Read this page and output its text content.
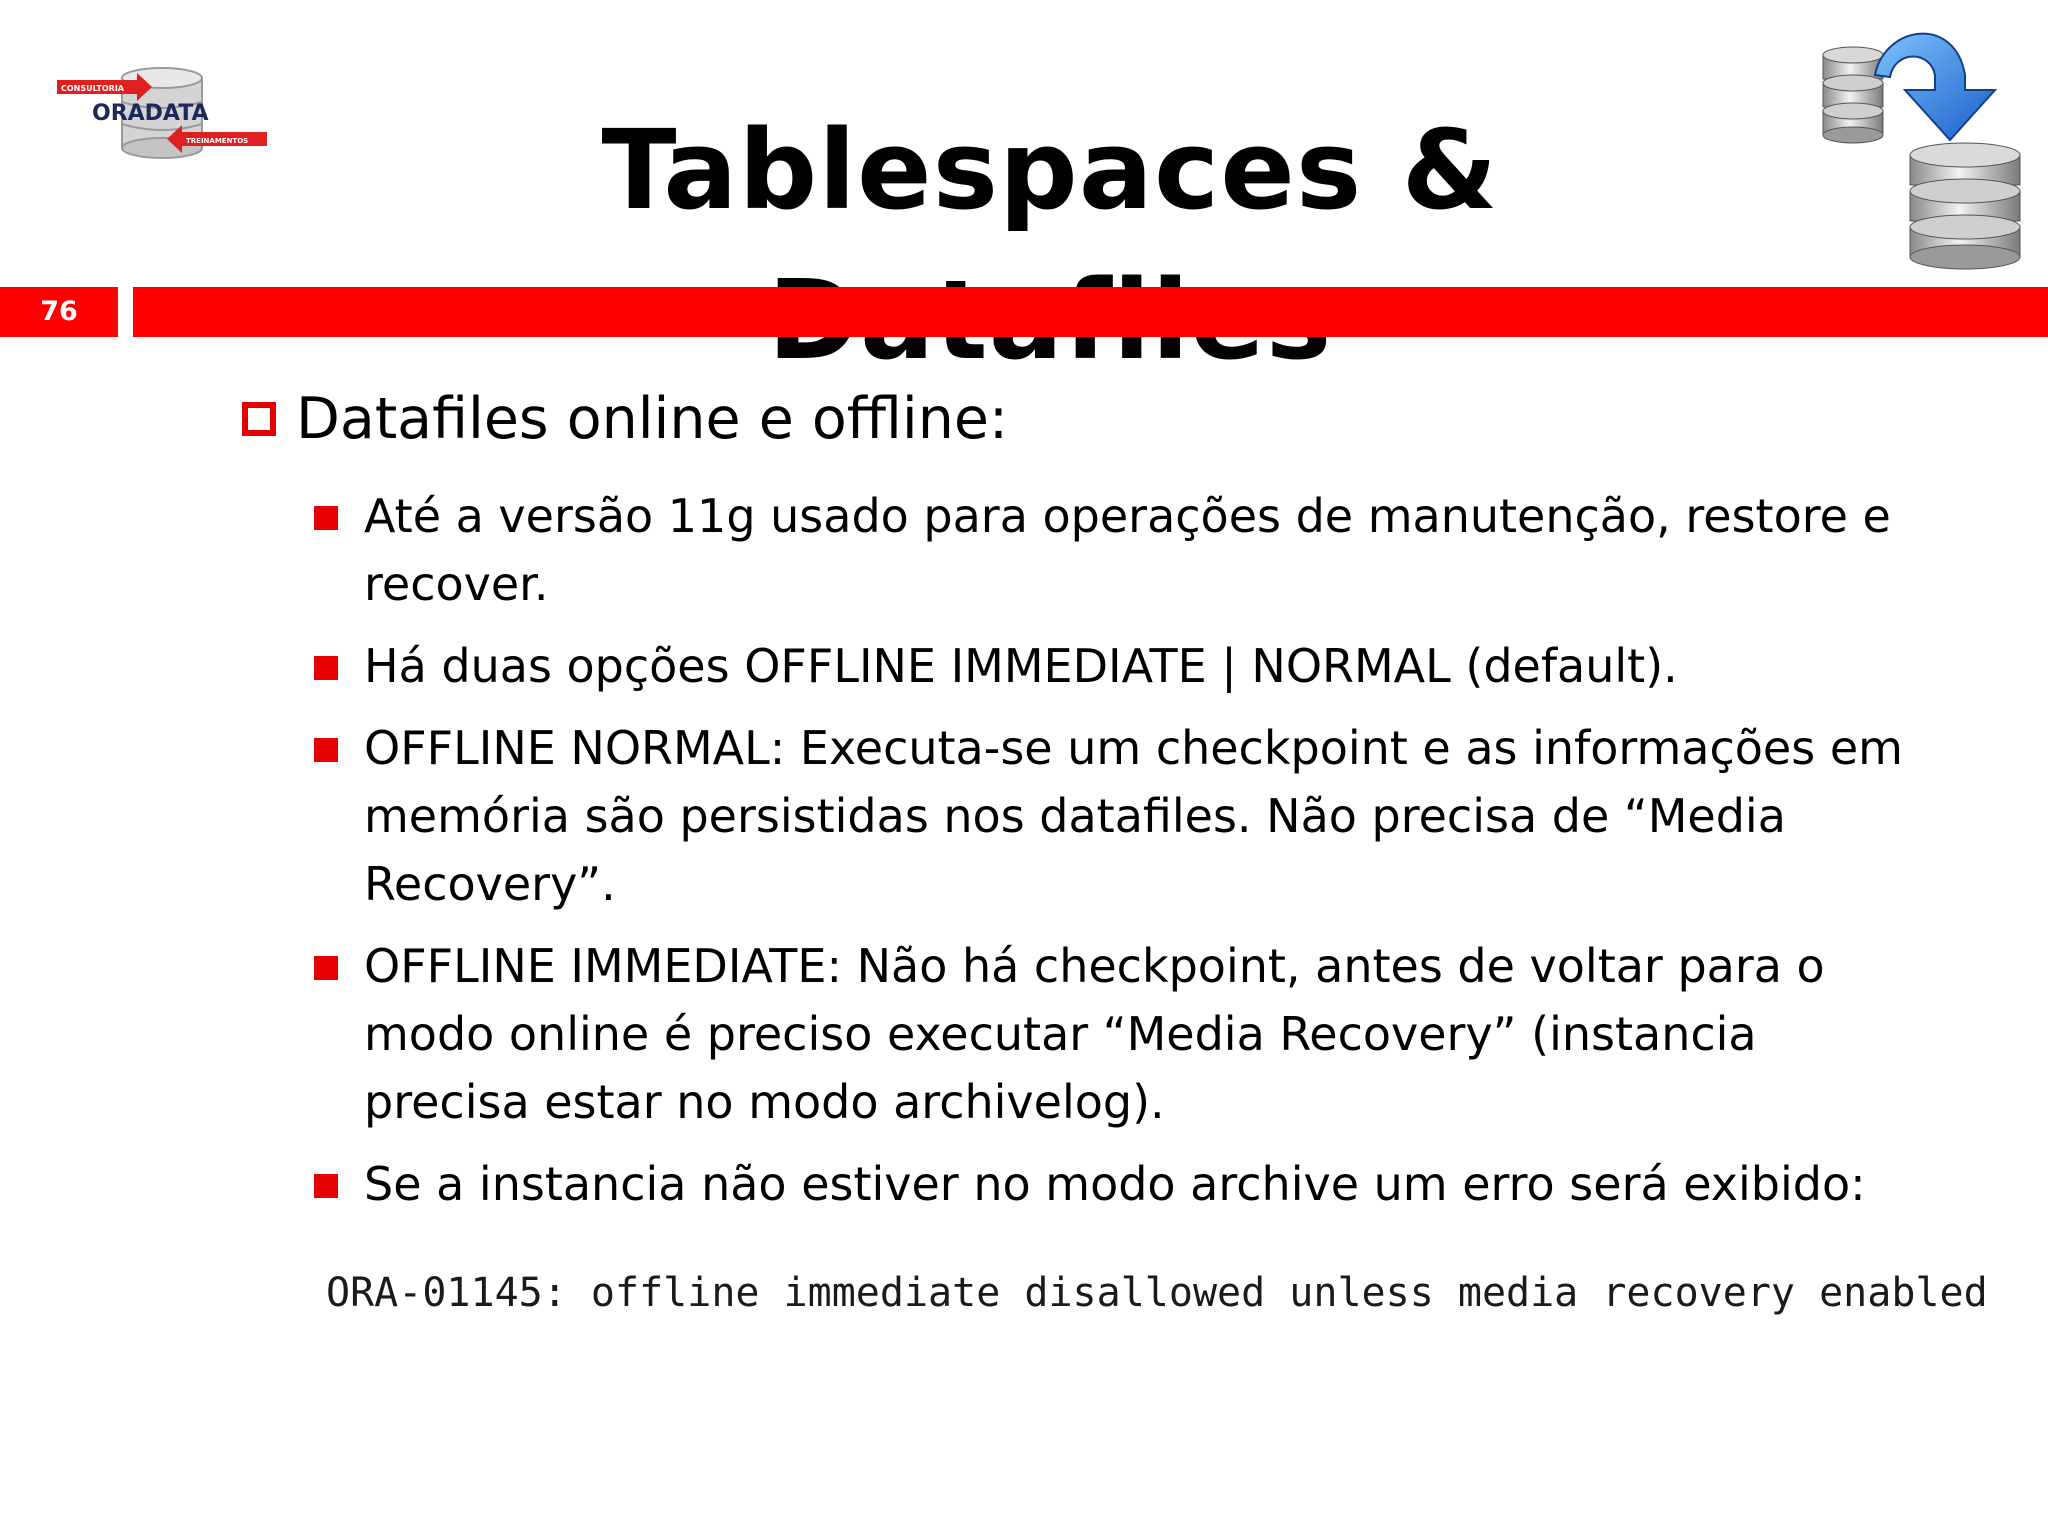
CONSULTORIA
ORADATA
TREINAMENTOS	Tablespaces &
76
Datafiles online e offline:
Até a versão 11g usado para operações de manutenção, restore e recover.
Há duas opções OFFLINE IMMEDIATE | NORMAL (default).
OFFLINE NORMAL: Executa-se um checkpoint e as informações em memória são persistidas nos datafiles. Não precisa de “Media Recovery”.
OFFLINE IMMEDIATE: Não há checkpoint, antes de voltar para o modo online é preciso executar “Media Recovery” (instancia precisa estar no modo archivelog).
Se a instancia não estiver no modo archive um erro será exibido:
ORA-01145: offline immediate disallowed unless media recovery enabled
